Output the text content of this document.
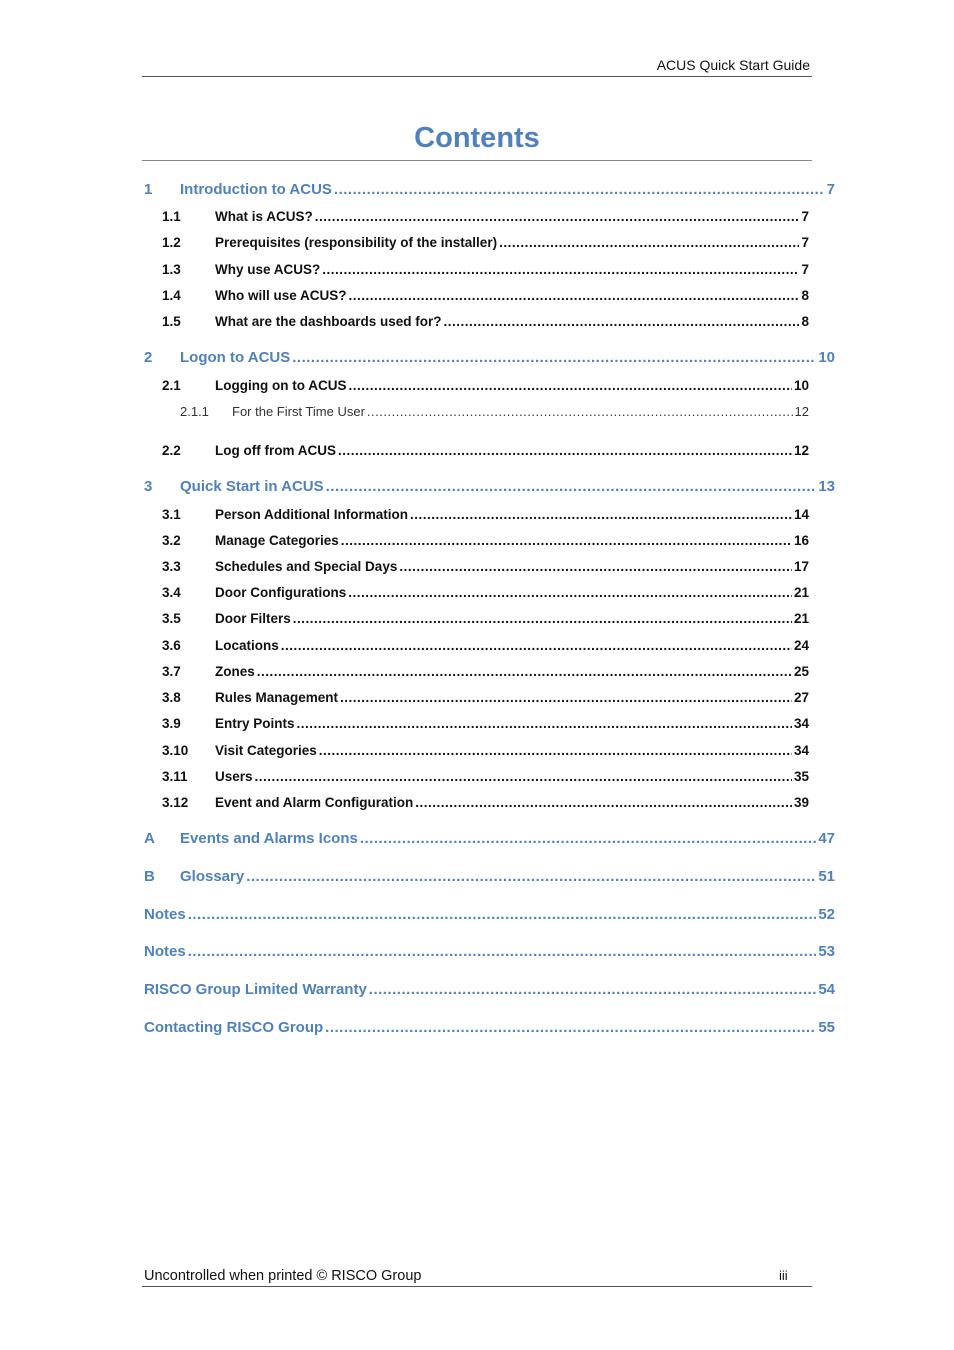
ACUS Quick Start Guide
Contents
1	Introduction to ACUS .....	7
1.1	What is ACUS? .....	7
1.2	Prerequisites (responsibility of the installer) .....	7
1.3	Why use ACUS? .....	7
1.4	Who will use ACUS? .....	8
1.5	What are the dashboards used for? .....	8
2	Logon to ACUS .....	10
2.1	Logging on to ACUS .....	10
2.1.1	For the First Time User .....	12
2.2	Log off from ACUS .....	12
3	Quick Start in ACUS .....	13
3.1	Person Additional Information .....	14
3.2	Manage Categories .....	16
3.3	Schedules and Special Days .....	17
3.4	Door Configurations .....	21
3.5	Door Filters .....	21
3.6	Locations .....	24
3.7	Zones .....	25
3.8	Rules Management .....	27
3.9	Entry Points .....	34
3.10	Visit Categories .....	34
3.11	Users .....	35
3.12	Event and Alarm Configuration .....	39
A	Events and Alarms Icons .....	47
B	Glossary .....	51
Notes .....	52
Notes .....	53
RISCO Group Limited Warranty .....	54
Contacting RISCO Group .....	55
Uncontrolled when printed © RISCO Group	iii
